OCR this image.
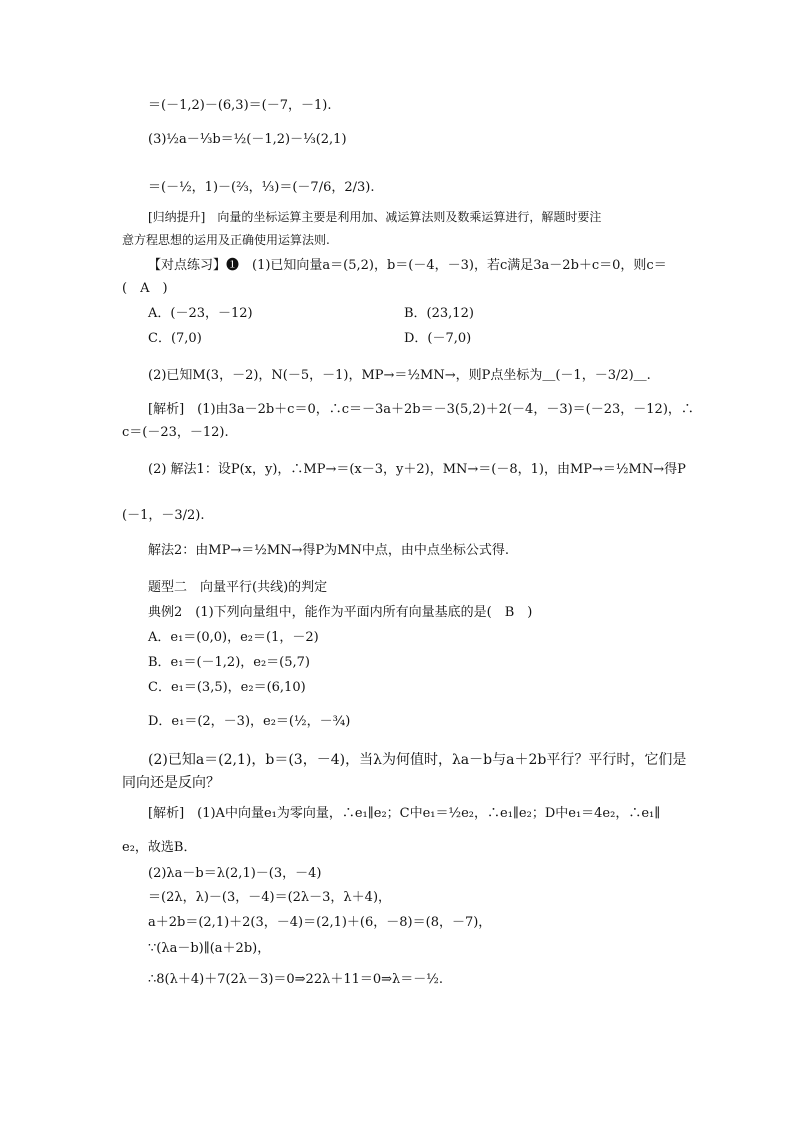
＝(－1,2)－(6,3)＝(－7，－1).
(3)½a－⅓b＝½(－1,2)－⅓(2,1)
＝(－½，1)－(⅔，⅓)＝(－7/6，2/3).
[归纳提升]　向量的坐标运算主要是利用加、减运算法则及数乘运算进行，解题时要注
意方程思想的运用及正确使用运算法则.
【对点练习】❶　(1)已知向量a＝(5,2)，b＝(－4，－3)，若c满足3a－2b＋c＝0，则c＝
(　A　)
A．(－23，－12)	B．(23,12)
C．(7,0)	D．(－7,0)
(2)已知M(3，－2)，N(－5，－1)，MP→＝½MN→，则P点坐标为＿(－1，－3/2)＿.
[解析]　(1)由3a－2b＋c＝0，∴c＝－3a＋2b＝－3(5,2)＋2(－4，－3)＝(－23，－12)，∴
c＝(－23，－12).
(2) 解法1：设P(x，y)，∴MP→＝(x－3，y＋2)，MN→＝(－8，1)，由MP→＝½MN→得P
(－1，－3/2).
解法2：由MP→＝½MN→得P为MN中点，由中点坐标公式得.
题型二　向量平行(共线)的判定
典例2　(1)下列向量组中，能作为平面内所有向量基底的是(　B　)
A．e₁＝(0,0)，e₂＝(1，－2)
B．e₁＝(－1,2)，e₂＝(5,7)
C．e₁＝(3,5)，e₂＝(6,10)
D．e₁＝(2，－3)，e₂＝(½，－¾)
(2)已知a＝(2,1)，b＝(3，－4)，当λ为何值时，λa－b与a＋2b平行？平行时，它们是
同向还是反向？
[解析]　(1)A中向量e₁为零向量，∴e₁∥e₂；C中e₁＝½e₂，∴e₁∥e₂；D中e₁＝4e₂，∴e₁∥
e₂，故选B．
(2)λa－b＝λ(2,1)－(3，－4)
＝(2λ，λ)－(3，－4)＝(2λ－3，λ＋4)，
a＋2b＝(2,1)＋2(3，－4)＝(2,1)＋(6，－8)＝(8，－7)，
∵(λa－b)∥(a＋2b)，
∴8(λ＋4)＋7(2λ－3)＝0⇒22λ＋11＝0⇒λ＝－½.
